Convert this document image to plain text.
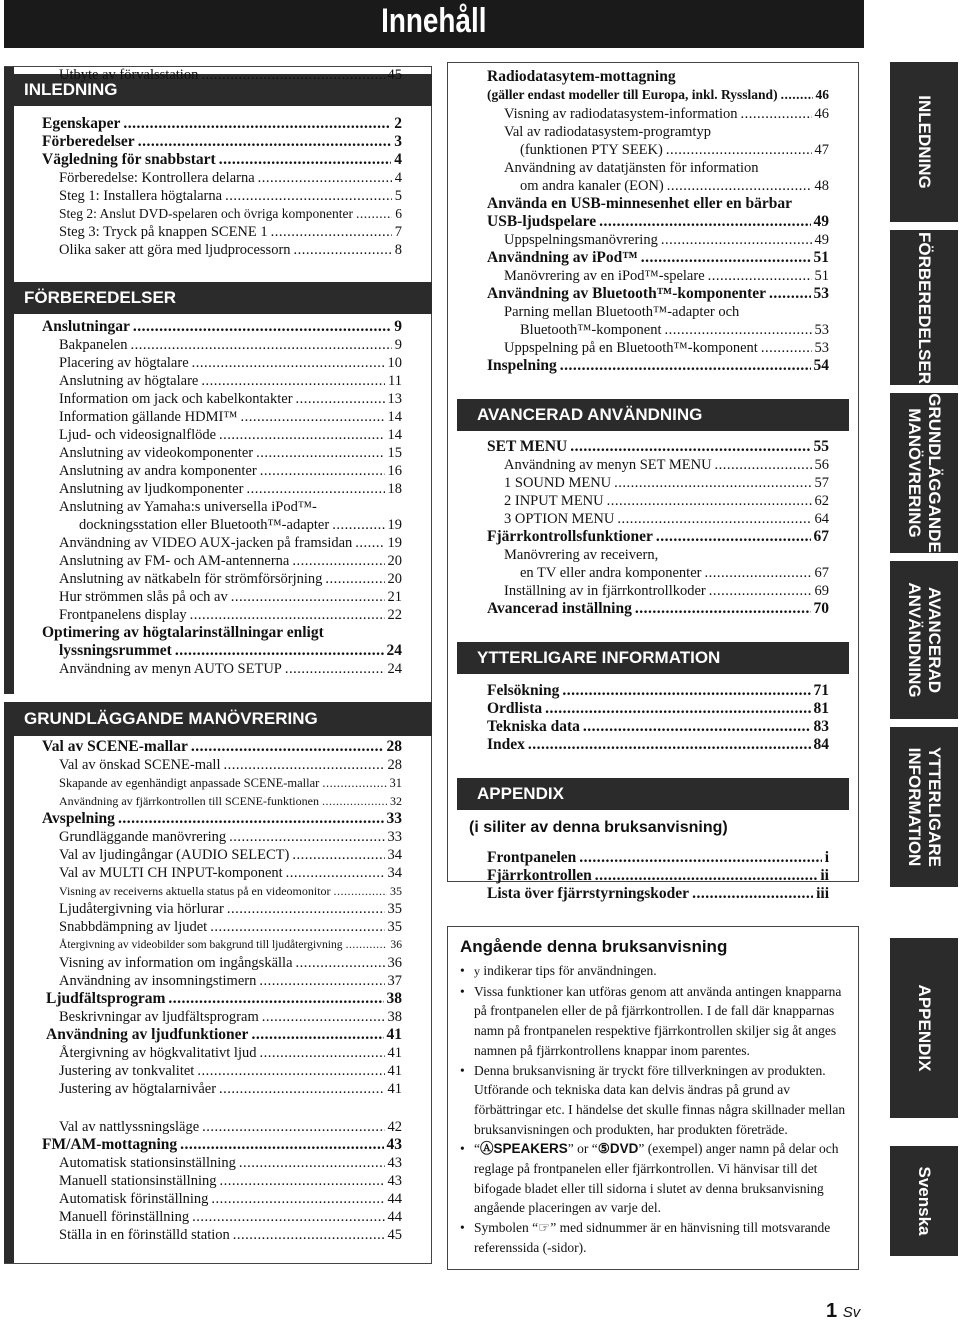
Innehåll
INLEDNING
FÖRBEREDELSER
GRUNDLÄGGANDE MANÖVRERING
Egenskaper .....	2
Förberedelser .....	3
Vägledning för snabbstart .....	4
Förberedelse: Kontrollera delarna .....	4
Steg 1: Installera högtalarna .....	5
Steg 2: Anslut DVD-spelaren och övriga komponenter .....	6
Steg 3: Tryck på knappen SCENE 1 .....	7
Olika saker att göra med ljudprocessorn .....	8
Anslutningar .....	9
Bakpanelen .....	9
Placering av högtalare .....	10
Anslutning av högtalare .....	11
Information om jack och kabelkontakter .....	13
Information gällande HDMI™ .....	14
Ljud- och videosignalflöde .....	14
Anslutning av videokomponenter .....	15
Anslutning av andra komponenter .....	16
Anslutning av ljudkomponenter .....	18
Anslutning av Yamaha:s universella iPod™-
dockningsstation eller Bluetooth™-adapter .....	19
Användning av VIDEO AUX-jacken på framsidan ..... 19
Anslutning av FM- och AM-antennerna .....	20
Anslutning av nätkabeln för strömförsörjning .....	20
Hur strömmen slås på och av .....	21
Frontpanelens display .....	22
Optimering av högtalarinställningar enligt
lyssningsrummet .....	24
Användning av menyn AUTO SETUP .....	24
Val av SCENE-mallar .....	28
Val av önskad SCENE-mall .....	28
Skapande av egenhändigt anpassade SCENE-mallar .....	31
Användning av fjärrkontrollen till SCENE-funktionen .....	32
Avspelning .....	33
Grundläggande manövrering .....	33
Val av ljudingångar (AUDIO SELECT) .....	34
Val av MULTI CH INPUT-komponent .....	34
Visning av receiverns aktuella status på en videomonitor .....	35
Ljudåtergivning via hörlurar .....	35
Snabbdämpning av ljudet .....	35
Återgivning av videobilder som bakgrund till ljudåtergivning .....	36
Visning av information om ingångskälla .....	36
Användning av insomningstimern .....	37
Ljudfältsprogram .....	38
Beskrivningar av ljudfältsprogram .....	38
Användning av ljudfunktioner .....	41
Återgivning av högkvalitativt ljud .....	41
Justering av tonkvalitet .....	41
Justering av högtalarnivåer .....	41
Val av nattlyssningsläge .....	42
FM/AM-mottagning .....	43
Automatisk stationsinställning .....	43
Manuell stationsinställning .....	43
Automatisk förinställning .....	44
Manuell förinställning .....	44
Ställa in en förinställd station .....	45
Utbyte av förvalsstation .....	45
AVANCERAD ANVÄNDNING
YTTERLIGARE INFORMATION
APPENDIX
(i siliter av denna bruksanvisning)
Radiodatasytem-mottagning
(gäller endast modeller till Europa, inkl. Ryssland) .....	46
Visning av radiodatasystem-information .....	46
Val av radiodatasystem-programtyp
(funktionen PTY SEEK) .....	47
Användning av datatjänsten för information
om andra kanaler (EON) .....	48
Använda en USB-minnesenhet eller en bärbar
USB-ljudspelare .....	49
Uppspelningsmanövrering .....	49
Användning av iPod™ .....	51
Manövrering av en iPod™-spelare .....	51
Användning av Bluetooth™-komponenter .....	53
Parning mellan Bluetooth™-adapter och
Bluetooth™-komponent .....	53
Uppspelning på en Bluetooth™-komponent .....	53
Inspelning .....	54
SET MENU .....	55
Användning av menyn SET MENU .....	56
1 SOUND MENU .....	57
2 INPUT MENU .....	62
3 OPTION MENU .....	64
Fjärrkontrollsfunktioner .....	67
Manövrering av receivern,
en TV eller andra komponenter .....	67
Inställning av in fjärrkontrollkoder .....	69
Avancerad inställning .....	70
Felsökning .....	71
Ordlista .....	81
Tekniska data .....	83
Index .....	84
Frontpanelen .....	i
Fjärrkontrollen .....	ii
Lista över fjärrstyrningskoder .....	iii
Angående denna bruksanvisning
• y indikerar tips för användningen.
• Vissa funktioner kan utföras genom att använda antingen knapparna på frontpanelen eller de på fjärrkontrollen. I de fall där knapparnas namn på frontpanelen respektive fjärrkontrollen skiljer sig åt anges namnen på fjärrkontrollens knappar inom parentes.
• Denna bruksanvisning är tryckt före tillverkningen av produkten. Utförande och tekniska data kan delvis ändras på grund av förbättringar etc. I händelse det skulle finnas några skillnader mellan bruksanvisningen och produkten, har produkten företräde.
• “ⒶSPEAKERS” or “⑤DVD” (exempel) anger namn på delar och reglage på frontpanelen eller fjärrkontrollen. Vi hänvisar till det bifogade bladet eller till sidorna i slutet av denna bruksanvisning angående placeringen av varje del.
• Symbolen “☞” med sidnummer är en hänvisning till motsvarande referenssida (-sidor).
INLEDNING
FÖRBEREDELSER
GRUNDLÄGGANDE
MANÖVRERING
AVANCERAD
ANVÄNDNING
YTTERLIGARE
INFORMATION
APPENDIX
Svenska
1 Sv
